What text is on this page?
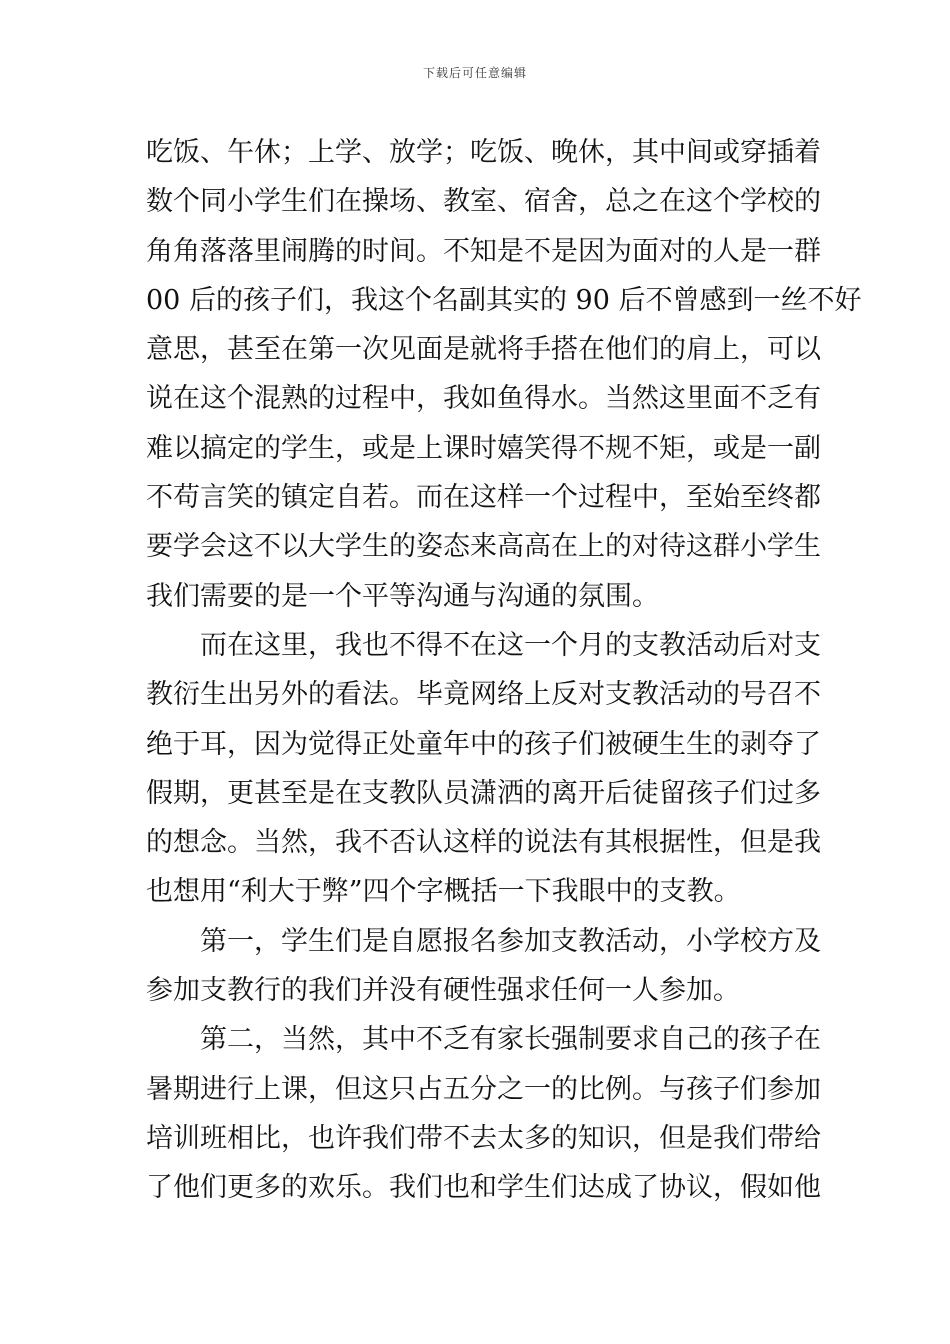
下载后可任意编辑
吃饭、午休；上学、放学；吃饭、晚休，其中间或穿插着
数个同小学生们在操场、教室、宿舍，总之在这个学校的
角角落落里闹腾的时间。不知是不是因为面对的人是一群
00 后的孩子们，我这个名副其实的 90 后不曾感到一丝不好
意思，甚至在第一次见面是就将手搭在他们的肩上，可以
说在这个混熟的过程中，我如鱼得水。当然这里面不乏有
难以搞定的学生，或是上课时嬉笑得不规不矩，或是一副
不苟言笑的镇定自若。而在这样一个过程中，至始至终都
要学会这不以大学生的姿态来高高在上的对待这群小学生
我们需要的是一个平等沟通与沟通的氛围。
而在这里，我也不得不在这一个月的支教活动后对支
教衍生出另外的看法。毕竟网络上反对支教活动的号召不
绝于耳，因为觉得正处童年中的孩子们被硬生生的剥夺了
假期，更甚至是在支教队员潇洒的离开后徒留孩子们过多
的想念。当然，我不否认这样的说法有其根据性，但是我
也想用“利大于弊”四个字概括一下我眼中的支教。
第一，学生们是自愿报名参加支教活动，小学校方及
参加支教行的我们并没有硬性强求任何一人参加。
第二，当然，其中不乏有家长强制要求自己的孩子在
暑期进行上课，但这只占五分之一的比例。与孩子们参加
培训班相比，也许我们带不去太多的知识，但是我们带给
了他们更多的欢乐。我们也和学生们达成了协议，假如他
